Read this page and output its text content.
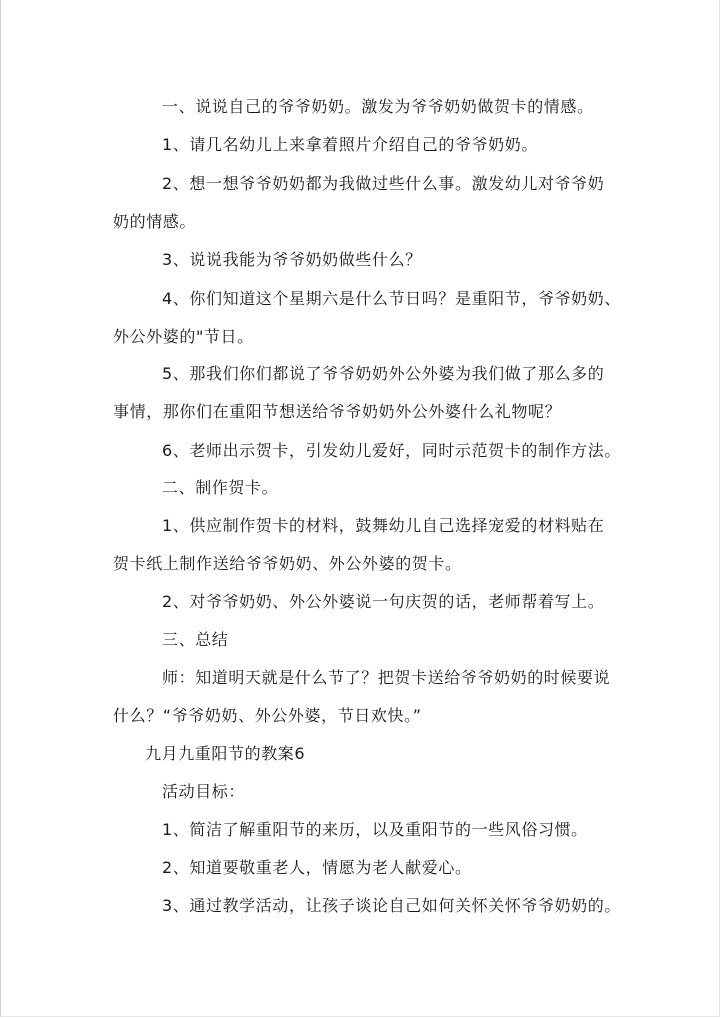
一、说说自己的爷爷奶奶。激发为爷爷奶奶做贺卡的情感。
1、请几名幼儿上来拿着照片介绍自己的爷爷奶奶。
2、想一想爷爷奶奶都为我做过些什么事。激发幼儿对爷爷奶
奶的情感。
3、说说我能为爷爷奶奶做些什么？
4、你们知道这个星期六是什么节日吗？是重阳节，爷爷奶奶、
外公外婆的"节日。
5、那我们你们都说了爷爷奶奶外公外婆为我们做了那么多的
事情，那你们在重阳节想送给爷爷奶奶外公外婆什么礼物呢？
6、老师出示贺卡，引发幼儿爱好，同时示范贺卡的制作方法。
二、制作贺卡。
1、供应制作贺卡的材料，鼓舞幼儿自己选择宠爱的材料贴在
贺卡纸上制作送给爷爷奶奶、外公外婆的贺卡。
2、对爷爷奶奶、外公外婆说一句庆贺的话，老师帮着写上。
三、总结
师：知道明天就是什么节了？把贺卡送给爷爷奶奶的时候要说
什么？“爷爷奶奶、外公外婆，节日欢快。”
九月九重阳节的教案6
活动目标：
1、简洁了解重阳节的来历，以及重阳节的一些风俗习惯。
2、知道要敬重老人，情愿为老人献爱心。
3、通过教学活动，让孩子谈论自己如何关怀关怀爷爷奶奶的。
